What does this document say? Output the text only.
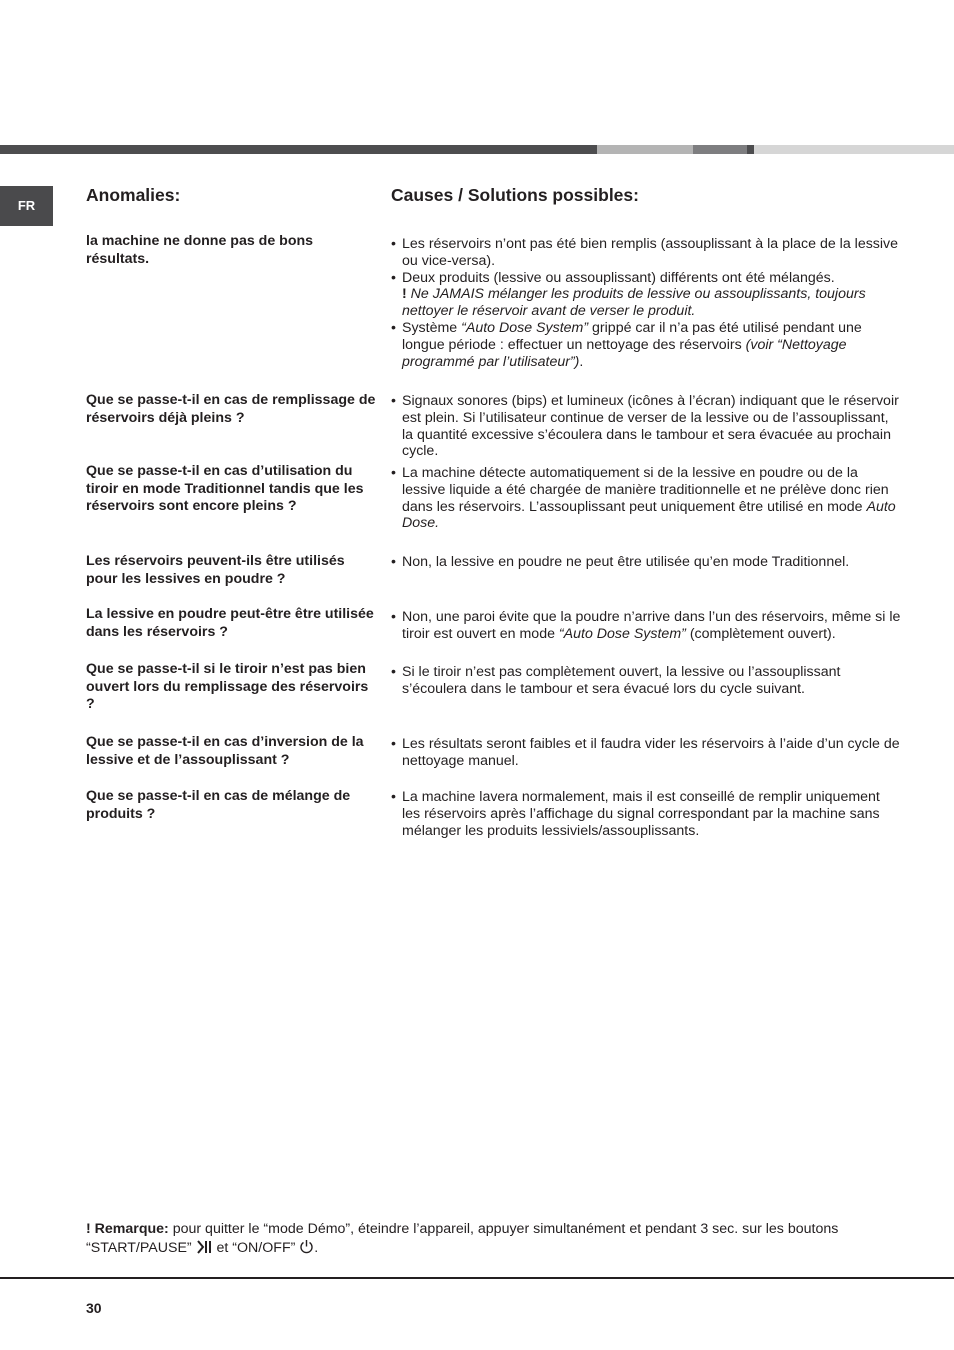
FR
Anomalies:	Causes / Solutions possibles:
la machine ne donne pas de bons résultats.

• Les réservoirs n’ont pas été bien remplis (assouplissant à la place de la lessive ou vice-versa).

• Deux produits (lessive ou assouplissant) différents ont été mélangés.
! Ne JAMAIS mélanger les produits de lessive ou assouplissants, toujours nettoyer le réservoir avant de verser le produit.

• Système “Auto Dose System” grippé car il n’a pas été utilisé pendant une longue période : effectuer un nettoyage des réservoirs (voir “Nettoyage programmé par l’utilisateur”).

Que se passe-t-il en cas de remplissage de réservoirs déjà pleins ?

• Signaux sonores (bips) et lumineux (icônes à l’écran) indiquant que le réservoir est plein. Si l’utilisateur continue de verser de la lessive ou de l’assouplissant, la quantité excessive s’écoulera dans le tambour et sera évacuée au prochain cycle.

Que se passe-t-il en cas d’utilisation du tiroir en mode Traditionnel tandis que les réservoirs sont encore pleins ?

• La machine détecte automatiquement si de la lessive en poudre ou de la lessive liquide a été chargée de manière traditionnelle et ne prélève donc rien dans les réservoirs. L’assouplissant peut uniquement être utilisé en mode Auto Dose.

Les réservoirs peuvent-ils être utilisés pour les lessives en poudre ?

• Non, la lessive en poudre ne peut être utilisée qu’en mode Traditionnel.

La lessive en poudre peut-être être utilisée dans les réservoirs ?

• Non, une paroi évite que la poudre n’arrive dans l’un des réservoirs, même si le tiroir est ouvert en mode “Auto Dose System” (complètement ouvert).

Que se passe-t-il si le tiroir n’est pas bien ouvert lors du remplissage des réservoirs ?

• Si le tiroir n’est pas complètement ouvert, la lessive ou l’assouplissant s’écoulera dans le tambour et sera évacué lors du cycle suivant.

Que se passe-t-il en cas d’inversion de la lessive et de l’assouplissant ?

• Les résultats seront faibles et il faudra vider les réservoirs à l’aide d’un cycle de nettoyage manuel.

Que se passe-t-il en cas de mélange de produits ?

• La machine lavera normalement, mais il est conseillé de remplir uniquement les réservoirs après l’affichage du signal correspondant par la machine sans mélanger les produits lessiviels/assouplissants.

! Remarque: pour quitter le “mode Démo”, éteindre l’appareil, appuyer simultanément et pendant 3 sec. sur les boutons “START/PAUSE”  et “ON/OFF” .
30
